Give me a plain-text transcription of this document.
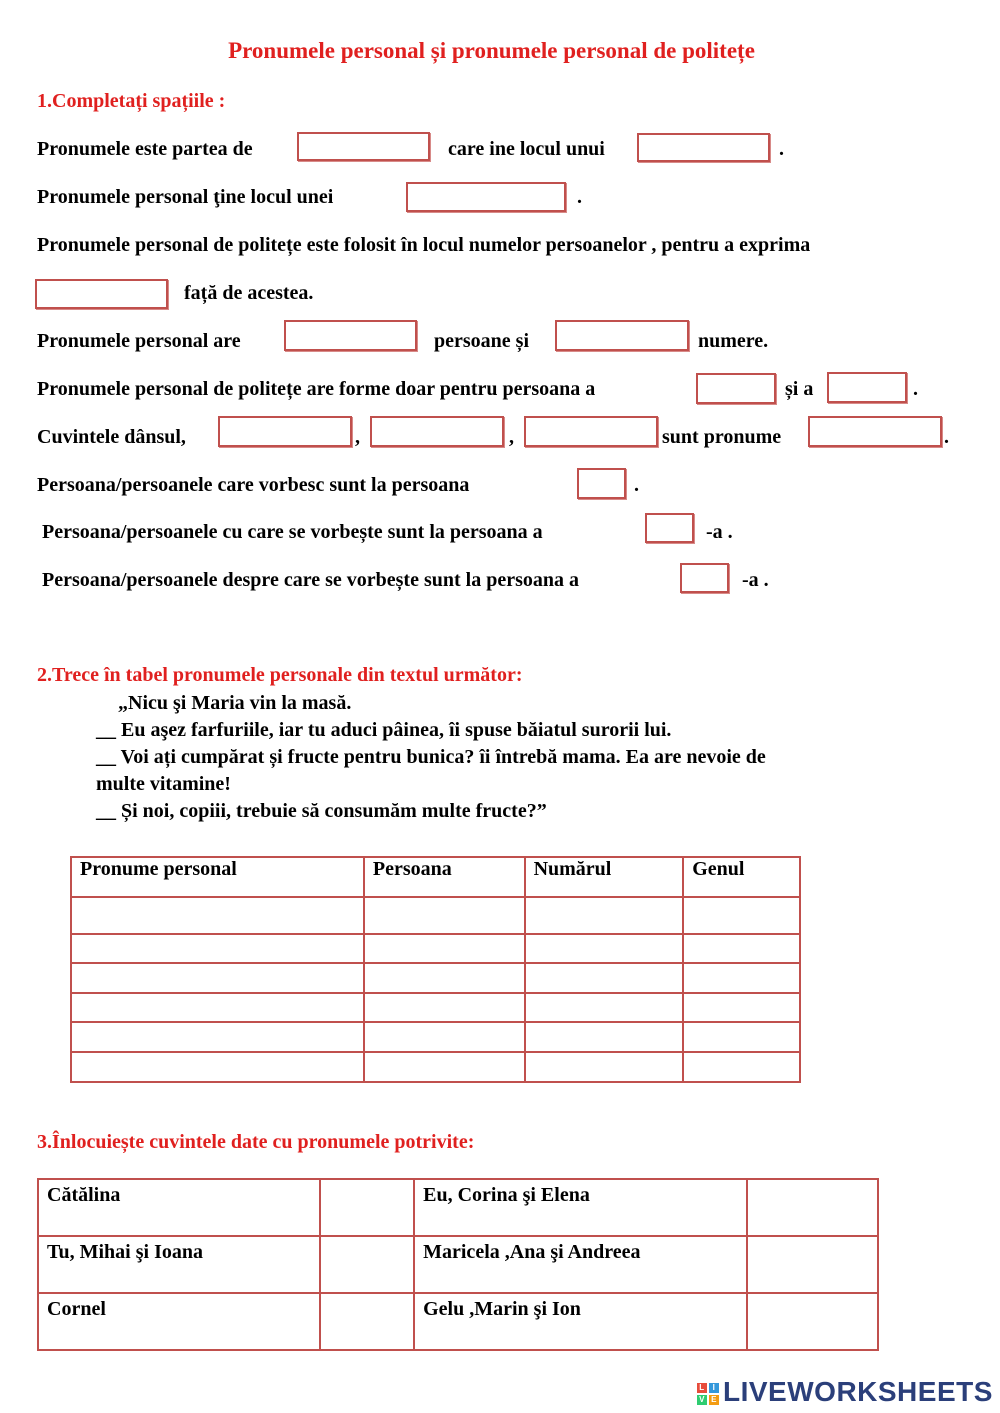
Pronumele personal și pronumele personal de politețe
1.Completați spațiile :
Pronumele este partea de	care ine locul unui	.
Pronumele personal ţine locul unei	.
Pronumele personal de politețe este folosit în locul numelor persoanelor , pentru a exprima
față de acestea.
Pronumele personal are	persoane și	numere.
Pronumele personal de politețe are forme doar pentru persoana a	și a	.
Cuvintele dânsul,	,	,	sunt pronume	.
Persoana/persoanele care vorbesc sunt la persoana	.
Persoana/persoanele cu care se vorbește sunt la persoana a	-a .
Persoana/persoanele despre care se vorbește sunt la persoana a	-a .
2.Trece în tabel pronumele personale din textul următor:
„Nicu şi Maria vin la masă.
__ Eu aşez farfuriile, iar tu aduci pâinea, îi spuse băiatul surorii lui.
__ Voi ați cumpărat și fructe pentru bunica? îi întrebă mama. Ea are nevoie de
multe vitamine!
__ Și noi, copiii, trebuie să consumăm multe fructe?”
Pronume personal	Persoana	Numărul	Genul

3.Înlocuiește cuvintele date cu pronumele potrivite:
Cătălina		Eu, Corina şi Elena	
Tu, Mihai şi Ioana		Maricela ,Ana şi Andreea	
Cornel		Gelu ,Marin şi Ion	
L I
V E LIVEWORKSHEETS
